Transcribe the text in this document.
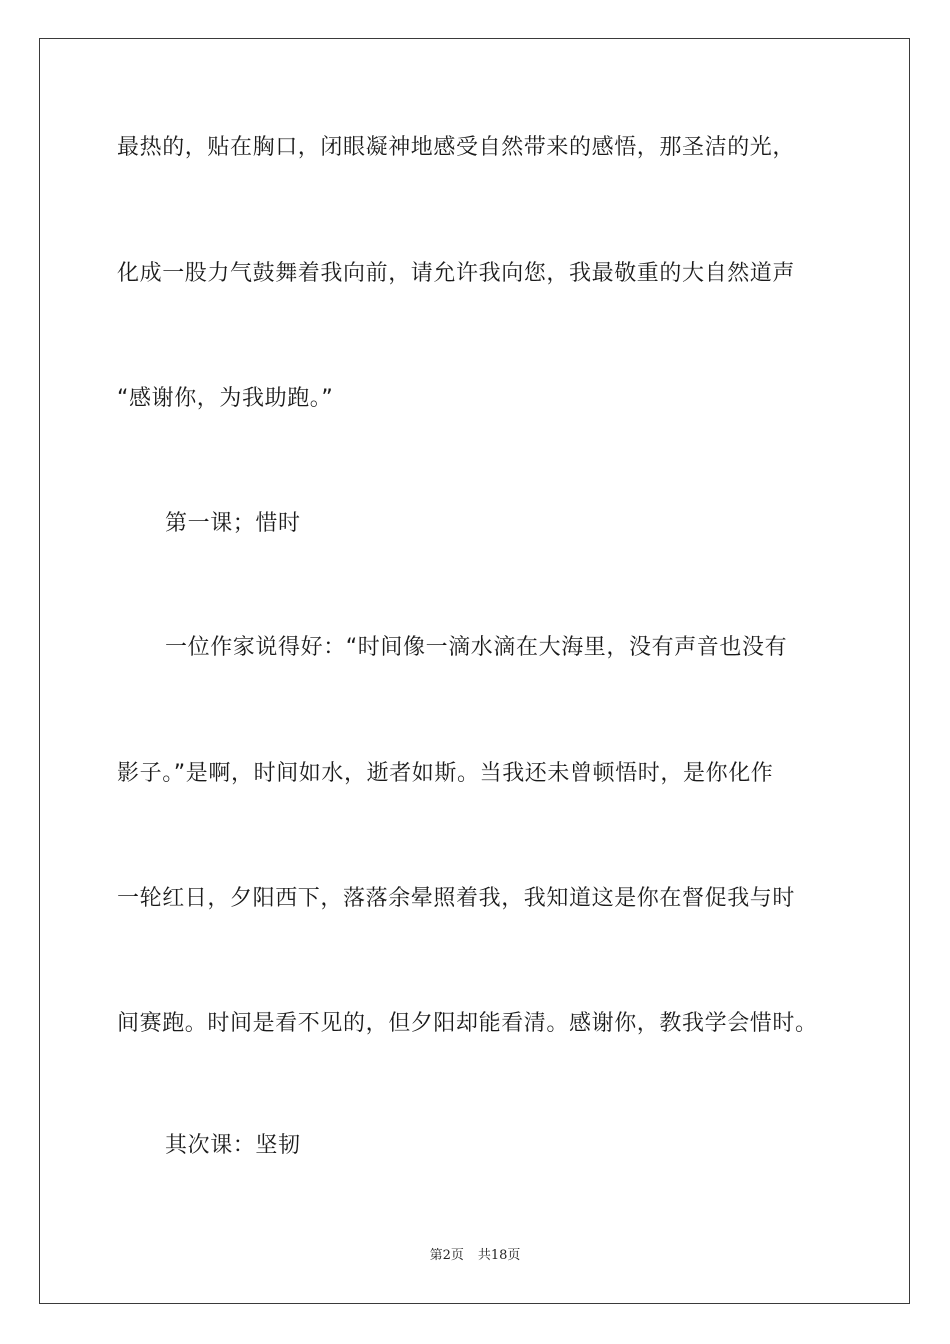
最热的，贴在胸口，闭眼凝神地感受自然带来的感悟，那圣洁的光，

化成一股力气鼓舞着我向前，请允许我向您，我最敬重的大自然道声

“感谢你，为我助跑。”

第一课；惜时

一位作家说得好：“时间像一滴水滴在大海里，没有声音也没有

影子。”是啊，时间如水，逝者如斯。当我还未曾顿悟时，是你化作

一轮红日，夕阳西下，落落余晕照着我，我知道这是你在督促我与时

间赛跑。时间是看不见的，但夕阳却能看清。感谢你，教我学会惜时。

其次课：坚韧

第2页 共18页
